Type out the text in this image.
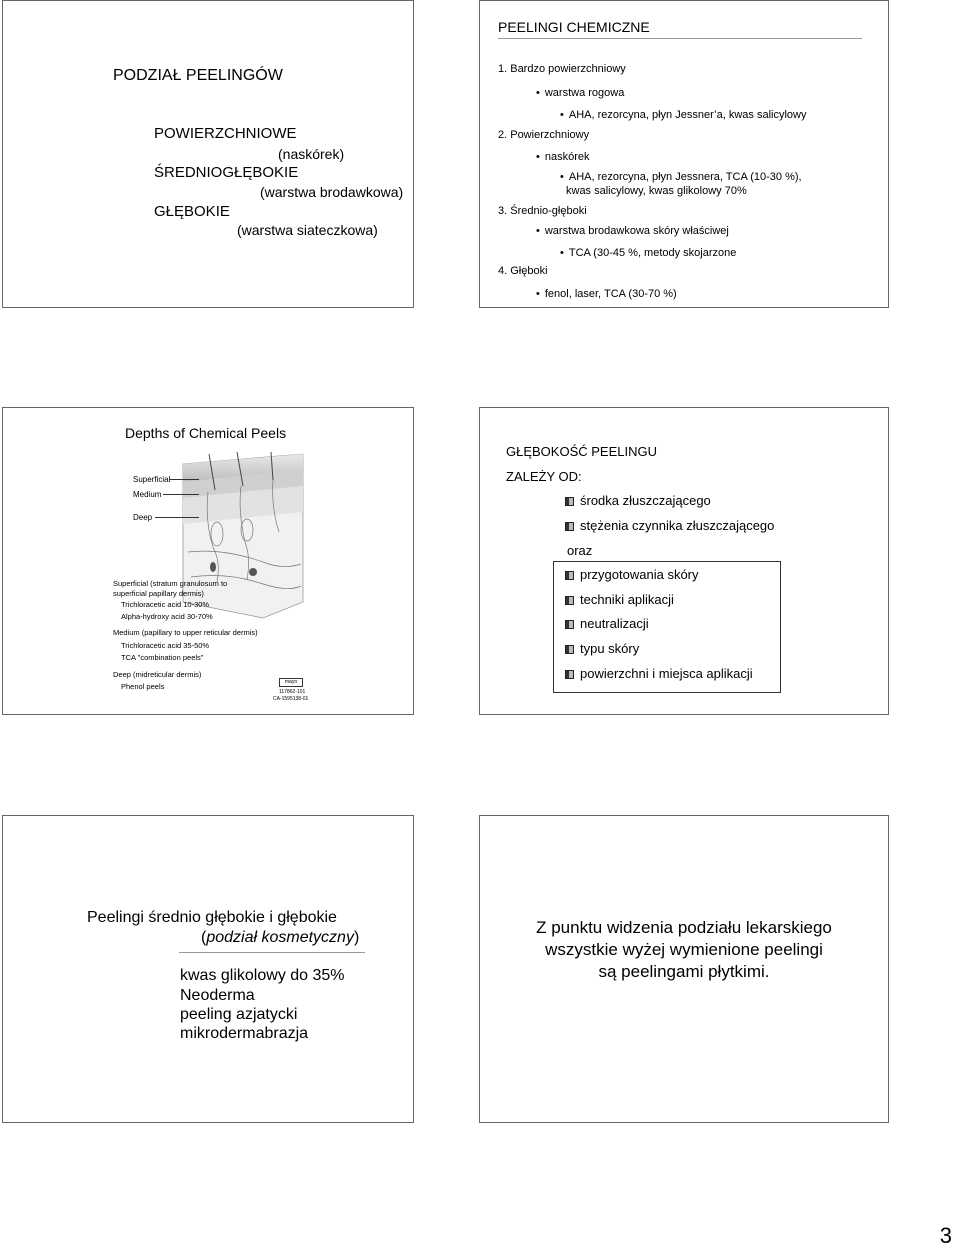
PODZIAŁ PEELINGÓW
POWIERZCHNIOWE
(naskórek)
ŚREDNIOGŁĘBOKIE
(warstwa brodawkowa)
GŁĘBOKIE
(warstwa siateczkowa)
PEELINGI CHEMICZNE
1. Bardzo powierzchniowy
• warstwa rogowa
• AHA, rezorcyna, płyn Jessner’a, kwas salicylowy
2. Powierzchniowy
• naskórek
• AHA, rezorcyna, płyn Jessnera, TCA (10-30 %),
kwas salicylowy, kwas glikolowy 70%
3. Średnio-głęboki
• warstwa brodawkowa skóry właściwej
• TCA (30-45 %, metody skojarzone
4. Głęboki
• fenol, laser, TCA (30-70 %)
Depths of Chemical Peels
Superficial
Medium
Deep
Superficial (stratum granulosum to
superficial papillary dermis)
Trichloracetic acid 10-30%
Alpha-hydroxy acid 30-70%
Medium (papillary to upper reticular dermis)
Trichloracetic acid 35-50%
TCA "combination peels"
Deep (midreticular dermis)
Phenol peels	mayo
117862-101
CA-1595138-01
GŁĘBOKOŚĆ PEELINGU
ZALEŻY OD:
środka złuszczającego
stężenia czynnika złuszczającego
oraz
przygotowania skóry
techniki aplikacji
neutralizacji
typu skóry
powierzchni i miejsca aplikacji
Peelingi średnio głębokie i głębokie
(podział kosmetyczny)
kwas glikolowy do 35%
Neoderma
peeling azjatycki
mikrodermabrazja
Z punktu widzenia podziału lekarskiego
wszystkie wyżej wymienione peelingi
są peelingami płytkimi.
3
